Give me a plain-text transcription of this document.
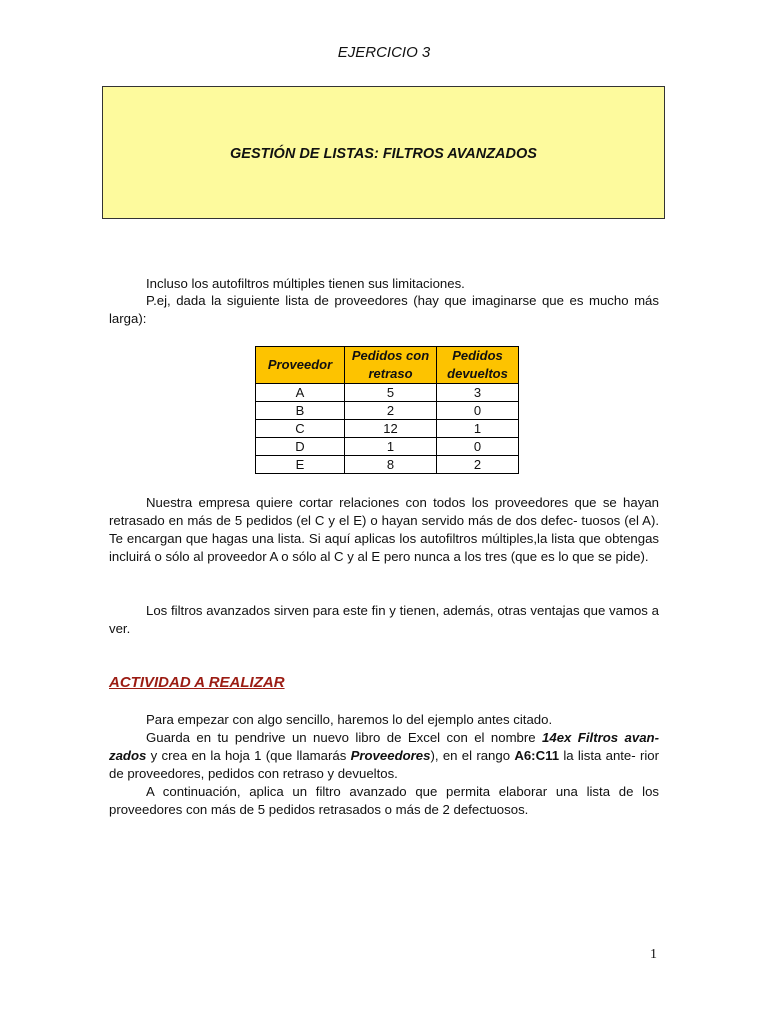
EJERCICIO 3
GESTIÓN DE LISTAS: FILTROS AVANZADOS
Incluso los autofiltros múltiples tienen sus limitaciones.
P.ej, dada la siguiente lista de proveedores (hay que imaginarse que es mucho más larga):
Proveedor	Pedidos con retraso	Pedidos devueltos
A	5	3
B	2	0
C	12	1
D	1	0
E	8	2
Nuestra empresa quiere cortar relaciones con todos los proveedores que se hayan retrasado en más de 5 pedidos (el C y el E) o hayan servido más de dos defec- tuosos (el A). Te encargan que hagas una lista. Si aquí aplicas los autofiltros múltiples,la lista que obtengas incluirá o sólo al proveedor A o sólo al C y al E pero nunca a los tres (que es lo que se pide).
Los filtros avanzados sirven para este fin y tienen, además, otras ventajas que vamos a ver.
ACTIVIDAD A REALIZAR
Para empezar con algo sencillo, haremos lo del ejemplo antes citado.
Guarda en tu pendrive un nuevo libro de Excel con el nombre 14ex Filtros avan- zados y crea en la hoja 1 (que llamarás Proveedores), en el rango A6:C11 la lista ante- rior de proveedores, pedidos con retraso y devueltos.
A continuación, aplica un filtro avanzado que permita elaborar una lista de los proveedores con más de 5 pedidos retrasados o más de 2 defectuosos.
1
